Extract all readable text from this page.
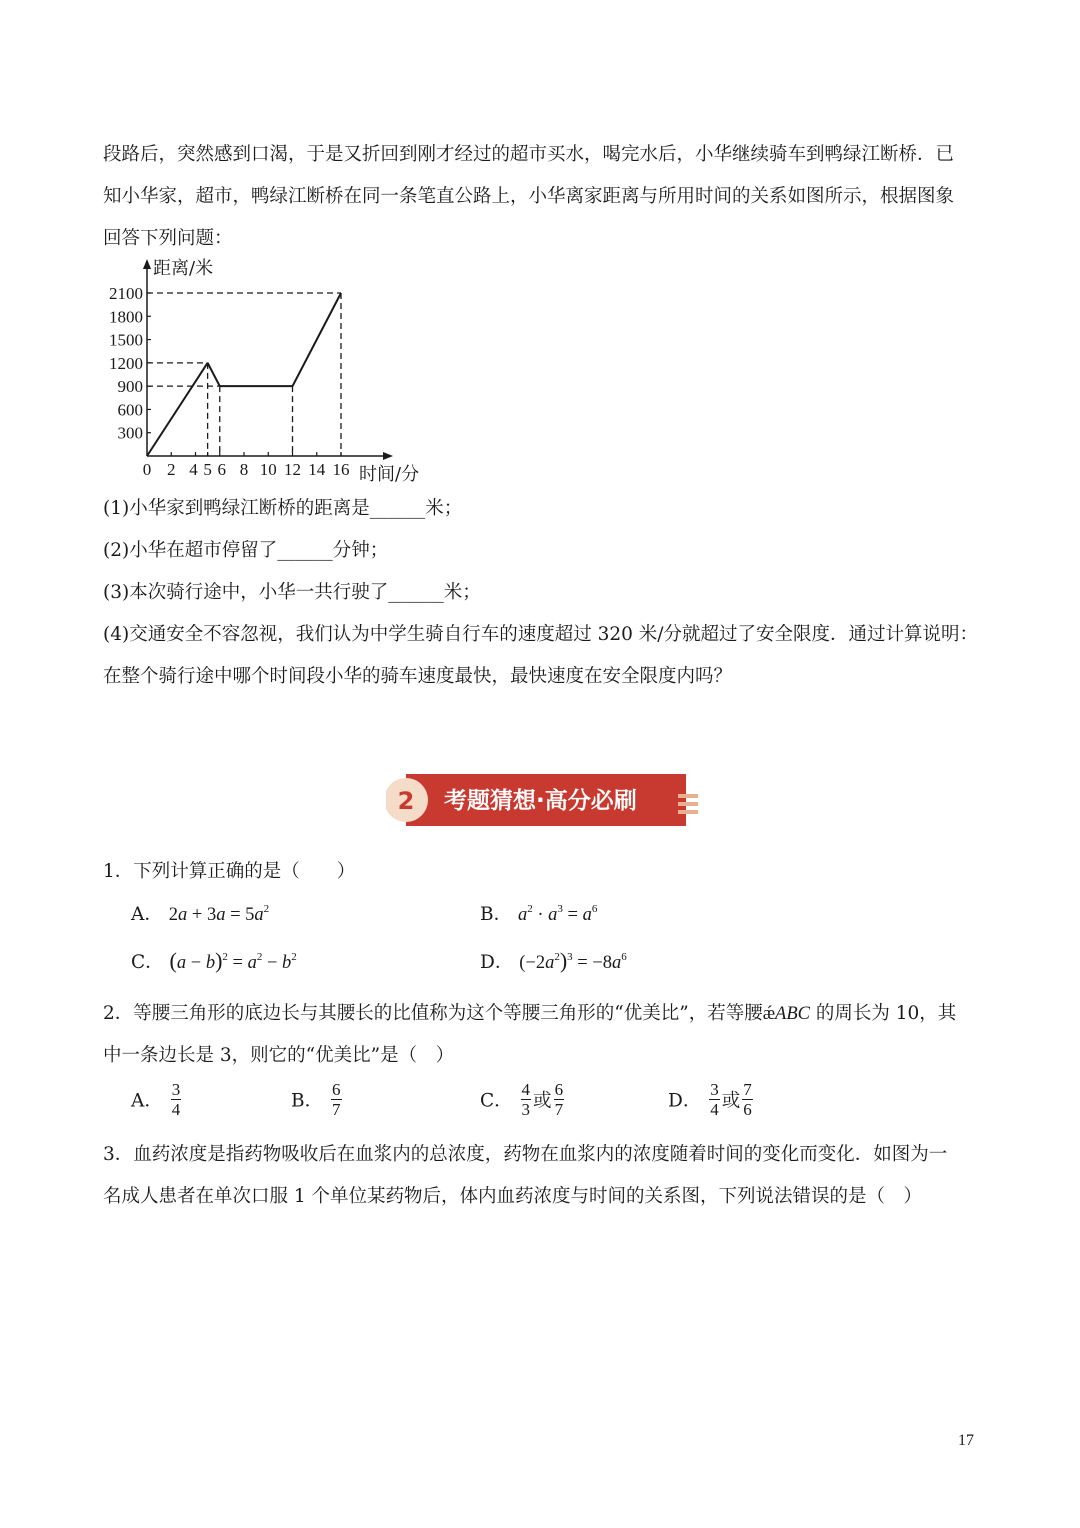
段路后，突然感到口渴，于是又折回到刚才经过的超市买水，喝完水后，小华继续骑车到鸭绿江断桥．已
知小华家，超市，鸭绿江断桥在同一条笔直公路上，小华离家距离与所用时间的关系如图所示，根据图象
回答下列问题：
300
600
900
1200
1500
1800
2100
0 2 4 5 6 8 10 12 14 16
距离/米
时间/分
(1)小华家到鸭绿江断桥的距离是______米；
(2)小华在超市停留了______分钟；
(3)本次骑行途中，小华一共行驶了______米；
(4)交通安全不容忽视，我们认为中学生骑自行车的速度超过 320 米/分就超过了安全限度．通过计算说明：
在整个骑行途中哪个时间段小华的骑车速度最快，最快速度在安全限度内吗？
2 考题猜想·高分必刷
1．下列计算正确的是（　　）
A． $2a + 3a = 5a^2$	B． $a^2 \cdot a^3 = a^6$
C． $(a - b)^2 = a^2 - b^2$	D． $(-2a^2)^3 = -8a^6$
2．等腰三角形的底边长与其腰长的比值称为这个等腰三角形的“优美比”，若等腰ǽABC 的周长为 10，其
中一条边长是 3，则它的“优美比”是（　）
A． $\frac{3}{4}$	B． $\frac{6}{7}$	C． $\frac{4}{3}$ 或 $\frac{6}{7}$	D． $\frac{3}{4}$ 或 $\frac{7}{6}$
3．血药浓度是指药物吸收后在血浆内的总浓度，药物在血浆内的浓度随着时间的变化而变化．如图为一
名成人患者在单次口服 1 个单位某药物后，体内血药浓度与时间的关系图，下列说法错误的是（　）
17
